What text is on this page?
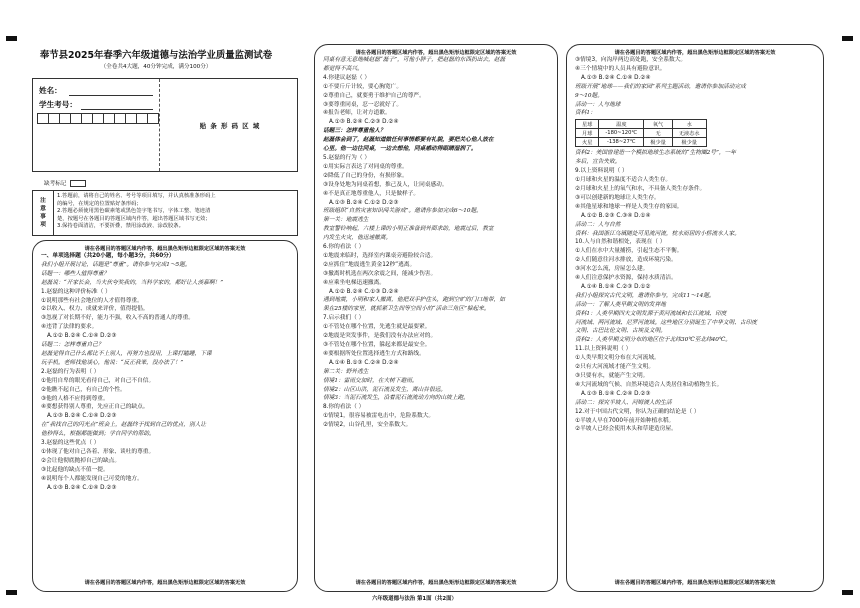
奉节县2025年春季六年级道德与法治学业质量监测试卷
（全卷共4大题，40分钟完成，满分100分）
姓名：
学生考号：
贴 条 形 码 区 域
缺考标记
注
意
事
项
1.答题前，请将自己的姓名、考号等项目填写，并认真核准条形码上
的编号，在规定的位置贴好条形码；
2.答题必须使用黑色碳素笔或黑色签字笔书写，字体工整、笔迹清
楚，按题号在各题目的答题区域内作答，超出答题区域书写无效；
3.保持卷面清洁，不要折叠，禁用涂改液、涂改胶条。
请在各题目的答题区域内作答，超出黑色矩形边框限定区域的答案无效
一、单项选择题（共20小题，每小题3分，共60分）
我们小组开展讨论，话题是“尊重”。请你参与完成1～5题。
话题一：哪些人值得尊重？
赵磊说：“开家长会，当大伙夸奖我的，当科学家的，都好让人羡慕啊！”
1.赵磊的这种评价标准（ ）
①说明那些有社会地位的人才值得尊重。
②以收入、权力、成就来评价，值得提倡。
③忽视了对长期不好，能力不强，收入不高的普通人的尊重。
④违背了法律的要求。
A.①② B.②④ C.①④ D.②③
话题二：怎样尊重自己？
赵磊觉得自己什么都比不上别人，再努力也没用，上课打瞌睡，下课
玩手机。老师找他谈心，他说：“反正我笨，没办法了！”
2.赵磊的行为表明（ ）
①他用自卑的眼光看待自己，对自己不自信。
②他瞧不起自己，有自己的个性。
③他的人格不应得到尊重。
④要想获得别人尊重，先应正自己的缺点。
A.①③ B.②④ C.①④ D.②③
在“我找自己的闪光点”班会上，赵磊终于找到自己的优点，别人让
他秒得么，根据都能做到；学自同学的帮助。
3.赵磊的这些优点（ ）
①体现了他对自己各着、形象、谈吐的尊重。
②会让他彻底抛掉自己的缺点。
③比起他的缺点不值一提。
④说明每个人都能发现自己可爱的地方。
A.①③ B.②④ C.①④ D.②③
请在各题目的答题区域内作答，超出黑色矩形边框限定区域的答案无效
请在各题目的答题区域内作答，超出黑色矩形边框限定区域的答案无效
同桌有意无意地喊赵磊“磊子”，可他小胖子，把赵磊的东西扔出去，赵磊
都觉得不高兴。
4.你建议赵磊（ ）
①不要斤斤计较，要心胸宽广。
②尊重自己，就要勇于维护自己的尊严。
③要尊重同桌，忍一忍就好了。
④报告老师，让对方道歉。
A.①③ B.②④ C.②③ D.②④
话题三：怎样尊重他人？
赵磊体会到了，赵磊知道做任何事情都要有礼貌，要把关心他人放在
心里。他一边往同桌，一边去想他，同桌感动得眼睛湿润了。
5.赵磊的行为（ ）
①用实际言表达了对同桌的尊重。
②降低了自己的身份，有损形象。
③设身处地为同桌着想，推己及人，让同桌感动。
④不是真正地尊重他人，只是做样子。
A.①③ B.②④ C.①② D.②③
班级组织“自然灾害知识闯关游戏”。邀请你参加完成6～10题。
第一关：地震逃生
教室警铃响起，六楼上课的小明正准备到外面求助，地震过后，教室
内发生火灾，他迅速撤离。
6.你的看法（ ）
①地震来临时，选择室内课桌旁避险较合适。
②应抓住“地震逃生黄金12秒”逃离。
③撤离时机选在两次余震之间，能减少伤害。
④应乘坐电梯迅速撤离。
A.①② B.②④ C.①③ D.②④
遇到地震，小明和家人撤离，他把双手护住头，跑到空旷的门口地带，如
果在25楼的家里，就抓紧卫生间等空间小的“活命三角区”躲起来。
7.启示我们（ ）
①不管处在哪个位置，先逃生就是最要紧。
②地震是突发事件，是我们没有办法应对的。
③不管处在哪个位置，躲起来都是最安全。
④要根据所处位置选择逃生方式和路线。
A.①④ B.①③ C.②④ D.②④
第二关：野外逃生
情境1：雷雨交加时，在大树下避雨。
情境2：山区山洪，泥石流及发生，离山谷很远。
情境3：当泥石流发生，沿着泥石流流动方向的山坡上跑。
8.你的看法（ ）
①情境1，很容易被雷电击中，危险系数大。
②情境2，山谷孔里，安全系数大。
请在各题目的答题区域内作答，超出黑色矩形边框限定区域的答案无效
请在各题目的答题区域内作答，超出黑色矩形边框限定区域的答案无效
③情境3，向沟岸两边高处跑，安全系数大。
④三个情境中的人员具有避险意识。
A.①③ B.②④ C.①④ D.②④
班级开展“地球——我们的家园”系列主题活动，邀请你参加活动完成
9～10题。
活动一：人与地球
资料1：
星球	温度	氧气	水
月球	-180~120℃	无	无液态水
火星	-138~27℃	极少量	极少量
资料2：美国曾建造一个模拟地球生态系统的“生物圈2号”，一年
多后，宣告失败。
9.以上资料说明（ ）
①月球和火星的温度不适合人类生存。
②月球和火星上的氧气和水，不具备人类生存条件。
③可以创建新的地球让人类生存。
④其他星球和地球一样是人类生存的家园。
A.①② B.②③ C.③④ D.①④
活动二：人与自然
资料：我国浙江乌镇随处可见流河流，枕水而居的小桥流水人家。
10.人与自然和谐相处，表现在（ ）
①人们在水中大量捕捞，引起生态不平衡。
②人们随意往河水排放，造成环境污染。
③河水怎么流，房屋怎么建。
④人们注意保护水资源，保持水质清洁。
A.①④ B.①④ C.②③ D.①②
我们小组探究古代文明，邀请你参与，完成11～14题。
活动一：了解人类早期文明的发祥地
资料1：人类早期四大文明发源于黄河流域和长江流域、印度
河流域、两河流域、尼罗河流域。这些地区分别诞生了中华文明、古印度
文明、古巴比伦文明、古埃及文明。
资料2：人类早期文明分布的地区位于北纬30℃至北纬40℃。
11.以上资料说明（ ）
①人类早期文明分布在大河流域。
②只有大河流域才能产生文明。
③只要有水，就能产生文明。
④大河流域的气候、自然环境适合人类居住和动植物生长。
A.①③ B.①④ C.②④ D.②③
活动二：探究半坡人、河姆渡人的生活
12.对于中国古代文明，你认为正确的结论是（ ）
①半坡人早在7000年前开始种植水稻。
②半坡人已经会使用木头和草建造房屋。
请在各题目的答题区域内作答，超出黑色矩形边框限定区域的答案无效
六年级道德与法治 第1面（共2面）
